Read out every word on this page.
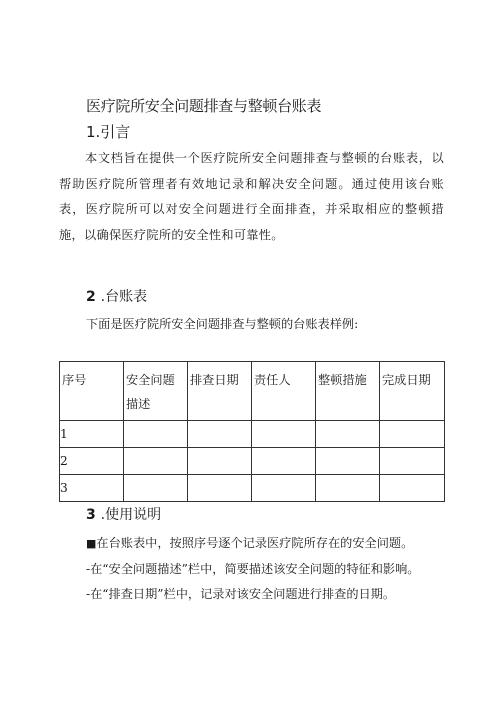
医疗院所安全问题排查与整顿台账表
1.引言
本文档旨在提供一个医疗院所安全问题排查与整顿的台账表，以帮助医疗院所管理者有效地记录和解决安全问题。通过使用该台账表，医疗院所可以对安全问题进行全面排查，并采取相应的整顿措施，以确保医疗院所的安全性和可靠性。
2 .台账表
下面是医疗院所安全问题排查与整顿的台账表样例:
序号	安全问题描述	排查日期	责任人	整顿措施	完成日期
1					
2					
3					
3 .使用说明
■在台账表中，按照序号逐个记录医疗院所存在的安全问题。
-在“安全问题描述”栏中，简要描述该安全问题的特征和影响。
-在“排查日期”栏中，记录对该安全问题进行排查的日期。
